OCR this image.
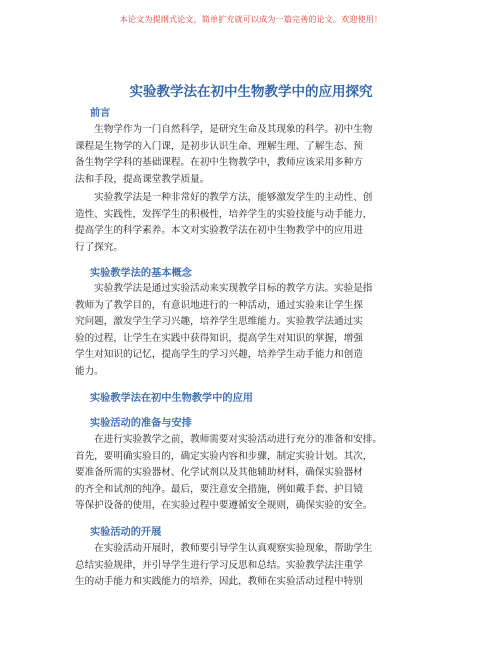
本论文为提纲式论文，简单扩充就可以成为一篇完善的论文。欢迎使用！
实验教学法在初中生物教学中的应用探究
前言
　　生物学作为一门自然科学，是研究生命及其现象的科学。初中生物
课程是生物学的入门课，是初步认识生命、理解生理、了解生态、预
备生物学学科的基础课程。在初中生物教学中，教师应该采用多种方
法和手段，提高课堂教学质量。
　　实验教学法是一种非常好的教学方法，能够激发学生的主动性、创
造性、实践性，发挥学生的积极性，培养学生的实验技能与动手能力，
提高学生的科学素养。本文对实验教学法在初中生物教学中的应用进
行了探究。
实验教学法的基本概念
　　实验教学法是通过实验活动来实现教学目标的教学方法。实验是指
教师为了教学目的，有意识地进行的一种活动，通过实验来让学生探
究问题，激发学生学习兴趣，培养学生思维能力。实验教学法通过实
验的过程，让学生在实践中获得知识，提高学生对知识的掌握，增强
学生对知识的记忆，提高学生的学习兴趣，培养学生动手能力和创造
能力。
实验教学法在初中生物教学中的应用
实验活动的准备与安排
　　在进行实验教学之前，教师需要对实验活动进行充分的准备和安排。
首先，要明确实验目的，确定实验内容和步骤，制定实验计划。其次，
要准备所需的实验器材、化学试剂以及其他辅助材料，确保实验器材
的齐全和试剂的纯净。最后，要注意安全措施，例如戴手套、护目镜
等保护设备的使用，在实验过程中要遵循安全规则，确保实验的安全。
实验活动的开展
　　在实验活动开展时，教师要引导学生认真观察实验现象，帮助学生
总结实验规律，并引导学生进行学习反思和总结。实验教学法注重学
生的动手能力和实践能力的培养，因此，教师在实验活动过程中特别
